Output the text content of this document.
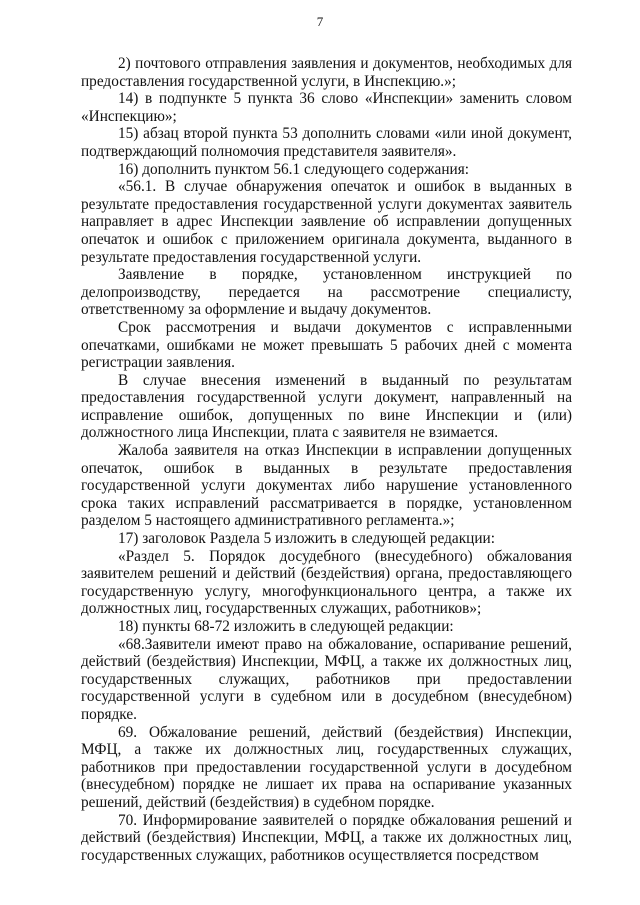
7

2) почтового отправления заявления и документов, необходимых для предоставления государственной услуги, в Инспекцию.»;

14) в подпункте 5 пункта 36 слово «Инспекции» заменить словом «Инспекцию»;

15) абзац второй пункта 53 дополнить словами «или иной документ, подтверждающий полномочия представителя заявителя».

16) дополнить пунктом 56.1 следующего содержания:

«56.1. В случае обнаружения опечаток и ошибок в выданных в результате предоставления государственной услуги документах заявитель направляет в адрес Инспекции заявление об исправлении допущенных опечаток и ошибок с приложением оригинала документа, выданного в результате предоставления государственной услуги.

Заявление в порядке, установленном инструкцией по делопроизводству, передается на рассмотрение специалисту, ответственному за оформление и выдачу документов.

Срок рассмотрения и выдачи документов с исправленными опечатками, ошибками не может превышать 5 рабочих дней с момента регистрации заявления.

В случае внесения изменений в выданный по результатам предоставления государственной услуги документ, направленный на исправление ошибок, допущенных по вине Инспекции и (или) должностного лица Инспекции, плата с заявителя не взимается.

Жалоба заявителя на отказ Инспекции в исправлении допущенных опечаток, ошибок в выданных в результате предоставления государственной услуги документах либо нарушение установленного срока таких исправлений рассматривается в порядке, установленном разделом 5 настоящего административного регламента.»;

17) заголовок Раздела 5 изложить в следующей редакции:

«Раздел 5. Порядок досудебного (внесудебного) обжалования заявителем решений и действий (бездействия) органа, предоставляющего государственную услугу, многофункционального центра, а также их должностных лиц, государственных служащих, работников»;

18) пункты 68-72 изложить в следующей редакции:

«68.Заявители имеют право на обжалование, оспаривание решений, действий (бездействия) Инспекции, МФЦ, а также их должностных лиц, государственных служащих, работников при предоставлении государственной услуги в судебном или в досудебном (внесудебном) порядке.

69. Обжалование решений, действий (бездействия) Инспекции, МФЦ, а также их должностных лиц, государственных служащих, работников при предоставлении государственной услуги в досудебном (внесудебном) порядке не лишает их права на оспаривание указанных решений, действий (бездействия) в судебном порядке.

70. Информирование заявителей о порядке обжалования решений и действий (бездействия) Инспекции, МФЦ, а также их должностных лиц, государственных служащих, работников осуществляется посредством
